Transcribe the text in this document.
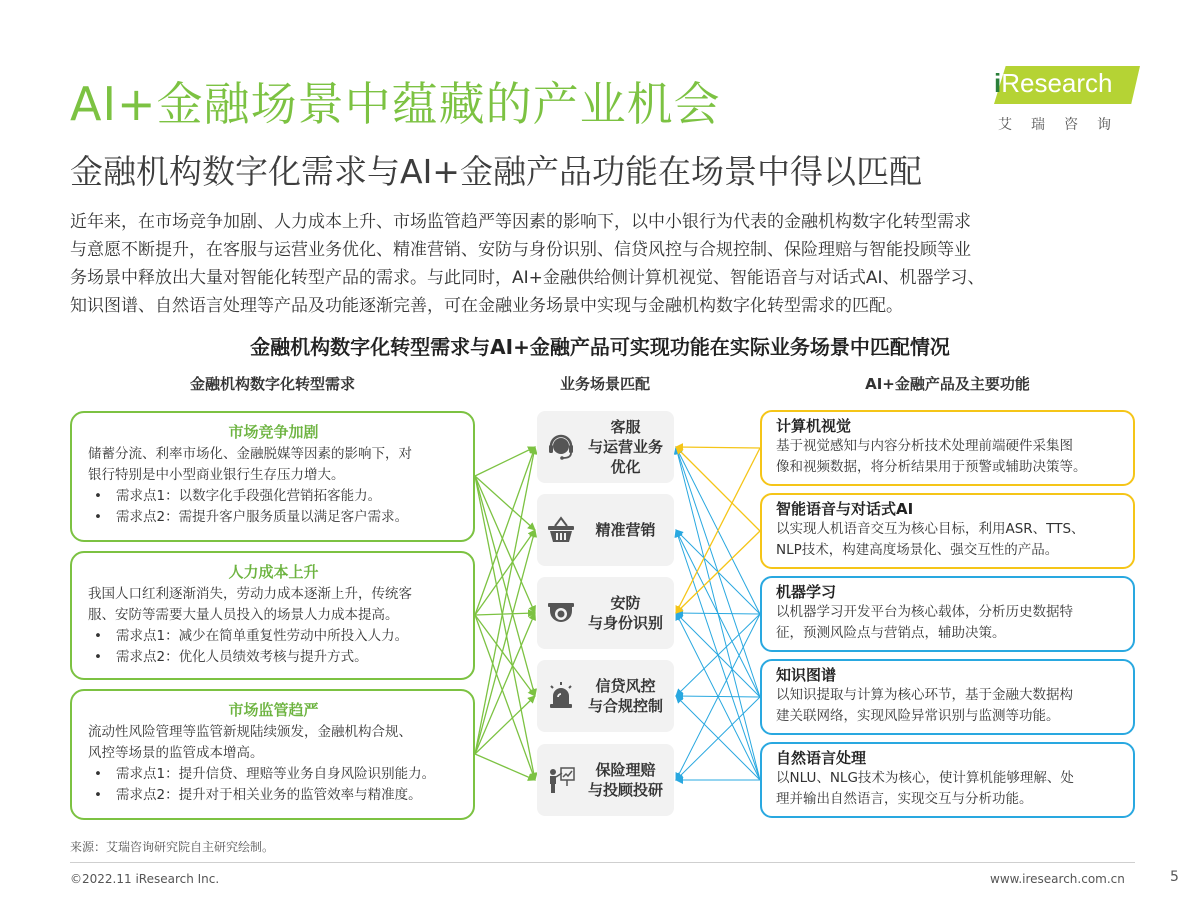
AI+金融场景中蕴藏的产业机会
金融机构数字化需求与AI+金融产品功能在场景中得以匹配
iResearch
艾瑞咨询
近年来，在市场竞争加剧、人力成本上升、市场监管趋严等因素的影响下，以中小银行为代表的金融机构数字化转型需求
与意愿不断提升，在客服与运营业务优化、精准营销、安防与身份识别、信贷风控与合规控制、保险理赔与智能投顾等业
务场景中释放出大量对智能化转型产品的需求。与此同时，AI+金融供给侧计算机视觉、智能语音与对话式AI、机器学习、
知识图谱、自然语言处理等产品及功能逐渐完善，可在金融业务场景中实现与金融机构数字化转型需求的匹配。
金融机构数字化转型需求与AI+金融产品可实现功能在实际业务场景中匹配情况
金融机构数字化转型需求	业务场景匹配	AI+金融产品及主要功能
市场竞争加剧
储蓄分流、利率市场化、金融脱媒等因素的影响下，对
银行特别是中小型商业银行生存压力增大。
• 需求点1：以数字化手段强化营销拓客能力。
• 需求点2：需提升客户服务质量以满足客户需求。
人力成本上升
我国人口红利逐渐消失，劳动力成本逐渐上升，传统客
服、安防等需要大量人员投入的场景人力成本提高。
• 需求点1：减少在简单重复性劳动中所投入人力。
• 需求点2：优化人员绩效考核与提升方式。
市场监管趋严
流动性风险管理等监管新规陆续颁发，金融机构合规、
风控等场景的监管成本增高。
• 需求点1：提升信贷、理赔等业务自身风险识别能力。
• 需求点2：提升对于相关业务的监管效率与精准度。
客服
与运营业务
优化
精准营销
安防
与身份识别
信贷风控
与合规控制
保险理赔
与投顾投研
计算机视觉
基于视觉感知与内容分析技术处理前端硬件采集图
像和视频数据，将分析结果用于预警或辅助决策等。
智能语音与对话式AI
以实现人机语音交互为核心目标，利用ASR、TTS、
NLP技术，构建高度场景化、强交互性的产品。
机器学习
以机器学习开发平台为核心载体，分析历史数据特
征，预测风险点与营销点，辅助决策。
知识图谱
以知识提取与计算为核心环节，基于金融大数据构
建关联网络，实现风险异常识别与监测等功能。
自然语言处理
以NLU、NLG技术为核心，使计算机能够理解、处
理并输出自然语言，实现交互与分析功能。
来源：艾瑞咨询研究院自主研究绘制。
©2022.11 iResearch Inc.	www.iresearch.com.cn	5
